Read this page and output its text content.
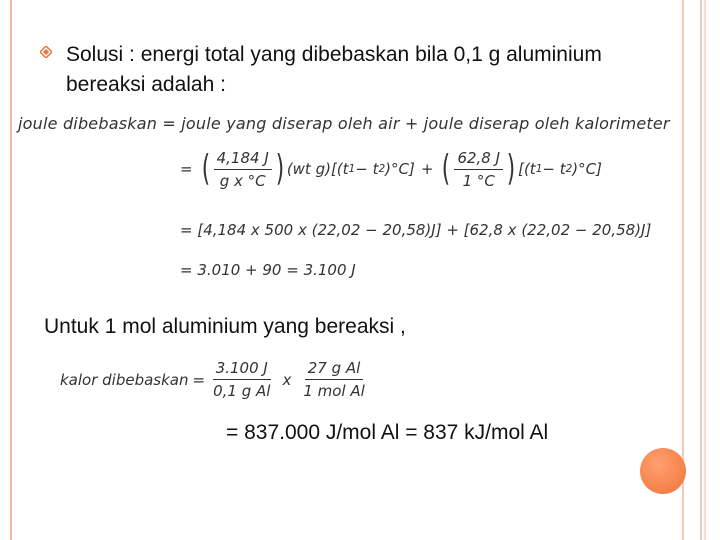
Solusi : energi total yang dibebaskan bila 0,1 g aluminium bereaksi adalah :
joule dibebaskan = joule yang diserap oleh air + joule diserap oleh kalorimeter
= ( $\frac{4,184 J}{\text{g x °C}}$ ) (wt g)[(t 1 − t 2 )°C] + ( $\frac{62,8 J}{1 ^\circ C}$ ) [(t 1 − t 2 )°C]
= [4,184 x 500 x (22,02 − 20,58)J] + [62,8 x (22,02 − 20,58)J]
= 3.010 + 90 = 3.100 J
Untuk 1 mol aluminium yang bereaksi ,
kalor dibebaskan = $\frac{3.100 J}{\text{0,1 g Al}}$ x $\frac{\text{27 g Al}}{\text{1 mol Al}}$
= 837.000 J/mol Al = 837 kJ/mol Al
